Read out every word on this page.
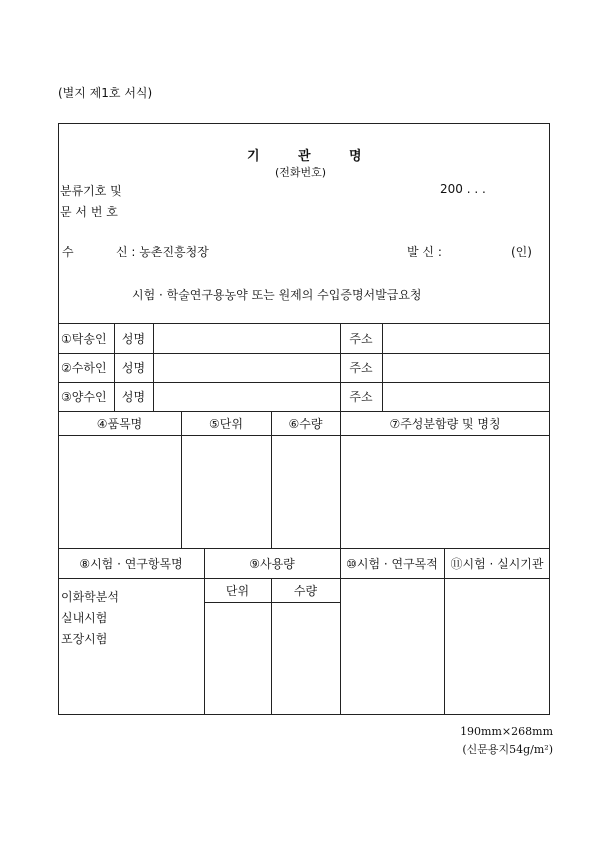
(별지 제1호 서식)
기	관	명
(전화번호)
분류기호 및
문 서 번 호
200 . . .
수	신 : 농촌진흥청장	발 신 :	(인)
시험 · 학술연구용농약 또는 원제의 수입증명서발급요청
①탁송인	성명	주소
②수하인	성명	주소
③양수인	성명	주소
④품목명	⑤단위	⑥수량	⑦주성분함량 및 명칭
⑧시험 · 연구항목명	⑨사용량	⑩시험 · 연구목적	⑪시험 · 실시기관
단위	수량
이화학분석
실내시험
포장시험
190mm×268mm
(신문용지54g/m²)
